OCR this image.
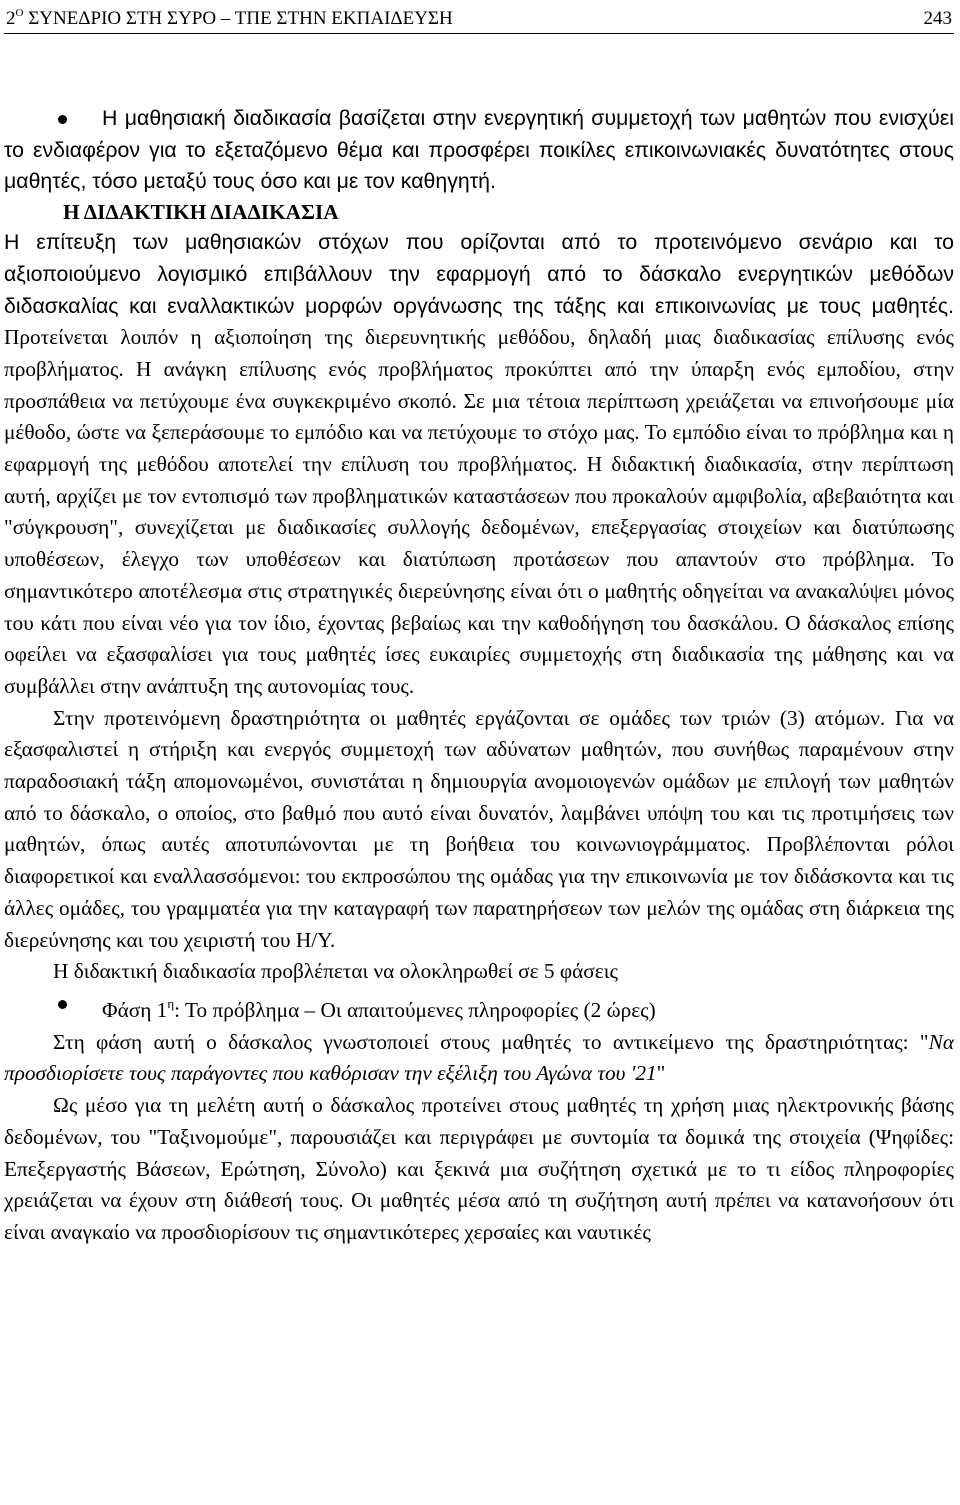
$2^O$ ΣΥΝΕΔΡΙΟ ΣΤΗ ΣΥΡΟ – ΤΠΕ ΣΤΗΝ ΕΚΠΑΙΔΕΥΣΗ	243

Η μαθησιακή διαδικασία βασίζεται στην ενεργητική συμμετοχή των μαθητών που ενισχύει το ενδιαφέρον για το εξεταζόμενο θέμα και προσφέρει ποικίλες επικοινωνιακές δυνατότητες στους μαθητές, τόσο μεταξύ τους όσο και με τον καθηγητή.

Η ΔΙΔΑΚΤΙΚΗ ΔΙΑΔΙΚΑΣΙΑ

Η επίτευξη των μαθησιακών στόχων που ορίζονται από το προτεινόμενο σενάριο και το αξιοποιούμενο λογισμικό επιβάλλουν την εφαρμογή από το δάσκαλο ενεργητικών μεθόδων διδασκαλίας και εναλλακτικών μορφών οργάνωσης της τάξης και επικοινωνίας με τους μαθητές. Προτείνεται λοιπόν η αξιοποίηση της διερευνητικής μεθόδου, δηλαδή μιας διαδικασίας επίλυσης ενός προβλήματος. Η ανάγκη επίλυσης ενός προβλήματος προκύπτει από την ύπαρξη ενός εμποδίου, στην προσπάθεια να πετύχουμε ένα συγκεκριμένο σκοπό. Σε μια τέτοια περίπτωση χρειάζεται να επινοήσουμε μία μέθοδο, ώστε να ξεπεράσουμε το εμπόδιο και να πετύχουμε το στόχο μας. Το εμπόδιο είναι το πρόβλημα και η εφαρμογή της μεθόδου αποτελεί την επίλυση του προβλήματος. Η διδακτική διαδικασία, στην περίπτωση αυτή, αρχίζει με τον εντοπισμό των προβληματικών καταστάσεων που προκαλούν αμφιβολία, αβεβαιότητα και "σύγκρουση", συνεχίζεται με διαδικασίες συλλογής δεδομένων, επεξεργασίας στοιχείων και διατύπωσης υποθέσεων, έλεγχο των υποθέσεων και διατύπωση προτάσεων που απαντούν στο πρόβλημα. Το σημαντικότερο αποτέλεσμα στις στρατηγικές διερεύνησης είναι ότι ο μαθητής οδηγείται να ανακαλύψει μόνος του κάτι που είναι νέο για τον ίδιο, έχοντας βεβαίως και την καθοδήγηση του δασκάλου. Ο δάσκαλος επίσης οφείλει να εξασφαλίσει για τους μαθητές ίσες ευκαιρίες συμμετοχής στη διαδικασία της μάθησης και να συμβάλλει στην ανάπτυξη της αυτονομίας τους.

Στην προτεινόμενη δραστηριότητα οι μαθητές εργάζονται σε ομάδες των τριών (3) ατόμων. Για να εξασφαλιστεί η στήριξη και ενεργός συμμετοχή των αδύνατων μαθητών, που συνήθως παραμένουν στην παραδοσιακή τάξη απομονωμένοι, συνιστάται η δημιουργία ανομοιογενών ομάδων με επιλογή των μαθητών από το δάσκαλο, ο οποίος, στο βαθμό που αυτό είναι δυνατόν, λαμβάνει υπόψη του και τις προτιμήσεις των μαθητών, όπως αυτές αποτυπώνονται με τη βοήθεια του κοινωνιογράμματος. Προβλέπονται ρόλοι διαφορετικοί και εναλλασσόμενοι: του εκπροσώπου της ομάδας για την επικοινωνία με τον διδάσκοντα και τις άλλες ομάδες, του γραμματέα για την καταγραφή των παρατηρήσεων των μελών της ομάδας στη διάρκεια της διερεύνησης και του χειριστή του Η/Υ.

Η διδακτική διαδικασία προβλέπεται να ολοκληρωθεί σε 5 φάσεις

Φάση $1^\eta$: Το πρόβλημα – Οι απαιτούμενες πληροφορίες (2 ώρες)

Στη φάση αυτή ο δάσκαλος γνωστοποιεί στους μαθητές το αντικείμενο της δραστηριότητας: "Να προσδιορίσετε τους παράγοντες που καθόρισαν την εξέλιξη του Αγώνα του '21"

Ως μέσο για τη μελέτη αυτή ο δάσκαλος προτείνει στους μαθητές τη χρήση μιας ηλεκτρονικής βάσης δεδομένων, του "Ταξινομούμε", παρουσιάζει και περιγράφει με συντομία τα δομικά της στοιχεία (Ψηφίδες: Επεξεργαστής Βάσεων, Ερώτηση, Σύνολο) και ξεκινά μια συζήτηση σχετικά με το τι είδος πληροφορίες χρειάζεται να έχουν στη διάθεσή τους. Οι μαθητές μέσα από τη συζήτηση αυτή πρέπει να κατανοήσουν ότι είναι αναγκαίο να προσδιορίσουν τις σημαντικότερες χερσαίες και ναυτικές
